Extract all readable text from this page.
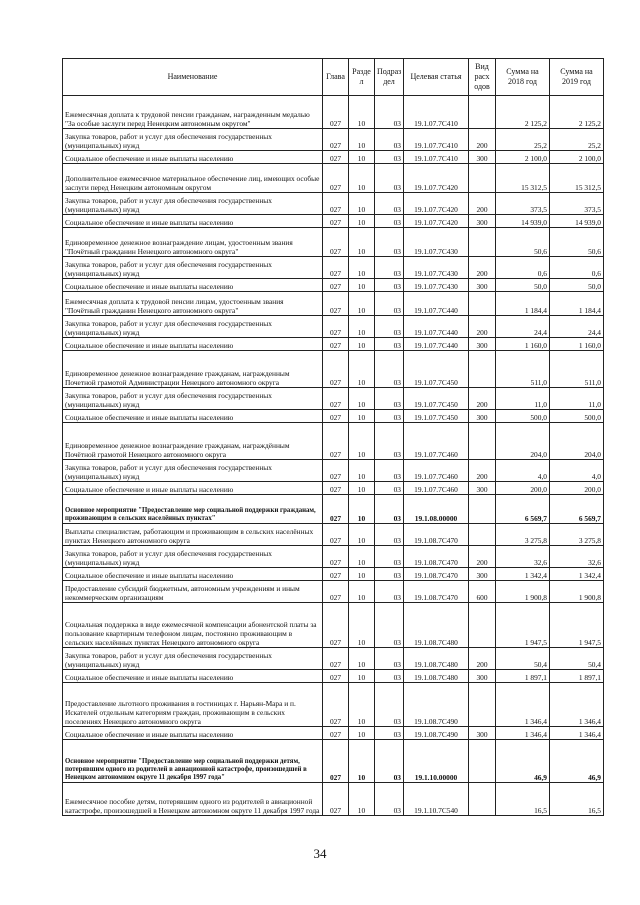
Наименование	Глава	Разде л	Подраз дел	Целевая статья	Вид расх одов	Сумма на 2018 год	Сумма на 2019 год
Ежемесячная доплата к трудовой пенсии гражданам, награжденным медалью "За особые заслуги перед Ненецким автономным округом"	027	10	03	19.1.07.7С410		2 125,2	2 125,2
Закупка товаров, работ и услуг для обеспечения государственных (муниципальных) нужд	027	10	03	19.1.07.7С410	200	25,2	25,2
Социальное обеспечение и иные выплаты населению	027	10	03	19.1.07.7С410	300	2 100,0	2 100,0
Дополнительное ежемесячное материальное обеспечение лиц, имеющих особые заслуги перед Ненецким автономным округом	027	10	03	19.1.07.7С420		15 312,5	15 312,5
Закупка товаров, работ и услуг для обеспечения государственных (муниципальных) нужд	027	10	03	19.1.07.7С420	200	373,5	373,5
Социальное обеспечение и иные выплаты населению	027	10	03	19.1.07.7С420	300	14 939,0	14 939,0
Единовременное денежное вознаграждение лицам, удостоенным звания "Почётный гражданин Ненецкого автономного округа"	027	10	03	19.1.07.7С430		50,6	50,6
Закупка товаров, работ и услуг для обеспечения государственных (муниципальных) нужд	027	10	03	19.1.07.7С430	200	0,6	0,6
Социальное обеспечение и иные выплаты населению	027	10	03	19.1.07.7С430	300	50,0	50,0
Ежемесячная доплата к трудовой пенсии лицам, удостоенным звания "Почётный гражданин Ненецкого автономного округа"	027	10	03	19.1.07.7С440		1 184,4	1 184,4
Закупка товаров, работ и услуг для обеспечения государственных (муниципальных) нужд	027	10	03	19.1.07.7С440	200	24,4	24,4
Социальное обеспечение и иные выплаты населению	027	10	03	19.1.07.7С440	300	1 160,0	1 160,0
Единовременное денежное вознаграждение гражданам, награжденным Почетной грамотой Администрации Ненецкого автономного округа	027	10	03	19.1.07.7С450		511,0	511,0
Закупка товаров, работ и услуг для обеспечения государственных (муниципальных) нужд	027	10	03	19.1.07.7С450	200	11,0	11,0
Социальное обеспечение и иные выплаты населению	027	10	03	19.1.07.7С450	300	500,0	500,0
Единовременное денежное вознаграждение гражданам, награждённым Почётной грамотой Ненецкого автономного округа	027	10	03	19.1.07.7С460		204,0	204,0
Закупка товаров, работ и услуг для обеспечения государственных (муниципальных) нужд	027	10	03	19.1.07.7С460	200	4,0	4,0
Социальное обеспечение и иные выплаты населению	027	10	03	19.1.07.7С460	300	200,0	200,0
Основное мероприятие "Предоставление мер социальной поддержки гражданам, проживающим в сельских населённых пунктах"	027	10	03	19.1.08.00000		6 569,7	6 569,7
Выплаты специалистам, работающим и проживающим в сельских населённых пунктах Ненецкого автономного округа	027	10	03	19.1.08.7С470		3 275,8	3 275,8
Закупка товаров, работ и услуг для обеспечения государственных (муниципальных) нужд	027	10	03	19.1.08.7С470	200	32,6	32,6
Социальное обеспечение и иные выплаты населению	027	10	03	19.1.08.7С470	300	1 342,4	1 342,4
Предоставление субсидий бюджетным, автономным учреждениям и иным некоммерческим организациям	027	10	03	19.1.08.7С470	600	1 900,8	1 900,8
Социальная поддержка в виде ежемесячной компенсации абонентской платы за пользование квартирным телефоном лицам, постоянно проживающим в сельских населённых пунктах Ненецкого автономного округа	027	10	03	19.1.08.7С480		1 947,5	1 947,5
Закупка товаров, работ и услуг для обеспечения государственных (муниципальных) нужд	027	10	03	19.1.08.7С480	200	50,4	50,4
Социальное обеспечение и иные выплаты населению	027	10	03	19.1.08.7С480	300	1 897,1	1 897,1
Предоставление льготного проживания в гостиницах г. Нарьян-Мара и п. Искателей отдельным категориям граждан, проживающим в сельских поселениях Ненецкого автономного округа	027	10	03	19.1.08.7С490		1 346,4	1 346,4
Социальное обеспечение и иные выплаты населению	027	10	03	19.1.08.7С490	300	1 346,4	1 346,4
Основное мероприятие "Предоставление мер социальной поддержки детям, потерявшим одного из родителей в авиационной катастрофе, произошедшей в Ненецком автономном округе 11 декабря 1997 года"	027	10	03	19.1.10.00000		46,9	46,9
Ежемесячное пособие детям, потерявшим одного из родителей в авиационной катастрофе, произошедшей в Ненецком автономном округе 11 декабря 1997 года	027	10	03	19.1.10.7С540		16,5	16,5
34
